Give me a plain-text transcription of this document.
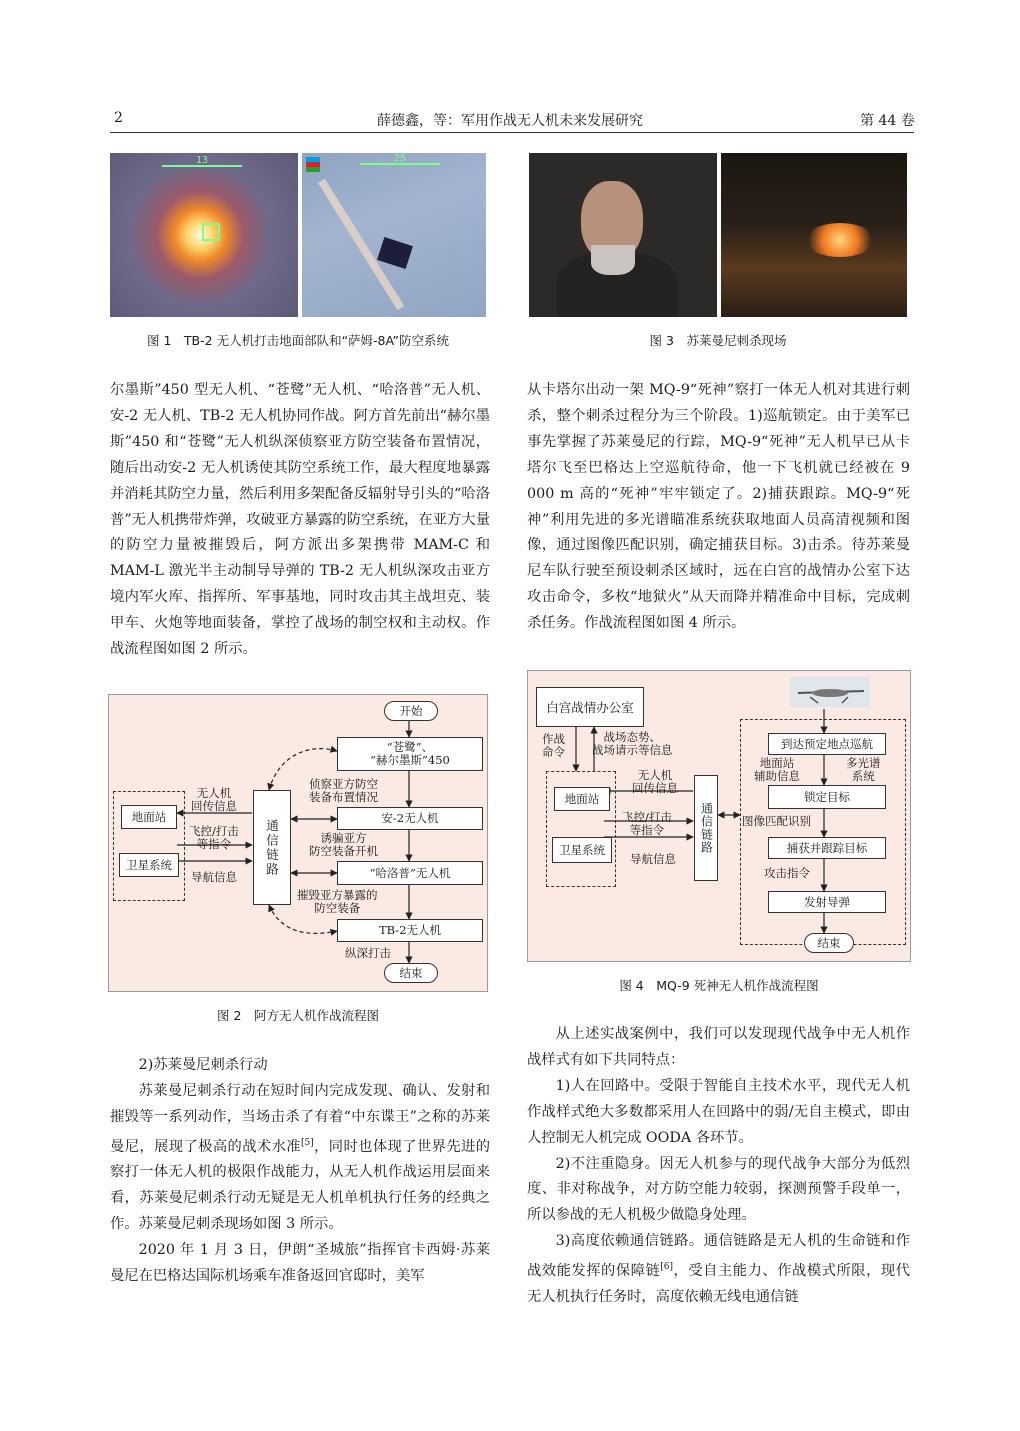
2	薛德鑫，等：军用作战无人机未来发展研究	第 44 卷
13	25
图 1　TB-2 无人机打击地面部队和“萨姆-8A”防空系统	图 3　苏莱曼尼刺杀现场

尔墨斯”450 型无人机、“苍鹭”无人机、“哈洛普”无人机、安-2 无人机、TB-2 无人机协同作战。阿方首先前出“赫尔墨斯”450 和“苍鹭”无人机纵深侦察亚方防空装备布置情况，随后出动安-2 无人机诱使其防空系统工作，最大程度地暴露并消耗其防空力量，然后利用多架配备反辐射导引头的“哈洛普”无人机携带炸弹，攻破亚方暴露的防空系统，在亚方大量的防空力量被摧毁后，阿方派出多架携带 MAM-C 和 MAM-L 激光半主动制导导弹的 TB-2 无人机纵深攻击亚方境内军火库、指挥所、军事基地，同时攻击其主战坦克、装甲车、火炮等地面装备，掌控了战场的制空权和主动权。作战流程图如图 2 所示。

开始
“苍鹭”、
“赫尔墨斯”450
侦察亚方防空
装备布置情况
安-2无人机
诱骗亚方
防空装备开机
“哈洛普”无人机
摧毁亚方暴露的
防空装备
TB-2无人机
纵深打击
结束
地面站
卫星系统
无人机
回传信息
飞控/打击
等指令
导航信息
通信链路
图 2　阿方无人机作战流程图

2)苏莱曼尼刺杀行动

苏莱曼尼刺杀行动在短时间内完成发现、确认、发射和摧毁等一系列动作，当场击杀了有着“中东谍王”之称的苏莱曼尼，展现了极高的战术水准[5]，同时也体现了世界先进的察打一体无人机的极限作战能力，从无人机作战运用层面来看，苏莱曼尼刺杀行动无疑是无人机单机执行任务的经典之作。苏莱曼尼刺杀现场如图 3 所示。

2020 年 1 月 3 日，伊朗“圣城旅”指挥官卡西姆·苏莱曼尼在巴格达国际机场乘车准备返回官邸时，美军

从卡塔尔出动一架 MQ-9“死神”察打一体无人机对其进行刺杀，整个刺杀过程分为三个阶段。1)巡航锁定。由于美军已事先掌握了苏莱曼尼的行踪，MQ-9“死神”无人机早已从卡塔尔飞至巴格达上空巡航待命，他一下飞机就已经被在 9 000 m 高的“死神”牢牢锁定了。2)捕获跟踪。MQ-9“死神”利用先进的多光谱瞄准系统获取地面人员高清视频和图像，通过图像匹配识别，确定捕获目标。3)击杀。待苏莱曼尼车队行驶至预设刺杀区域时，远在白宫的战情办公室下达攻击命令，多枚“地狱火”从天而降并精准命中目标，完成刺杀任务。作战流程图如图 4 所示。

白宫战情办公室
作战
命令
战场态势、
战场请示等信息
地面站
卫星系统
无人机
回传信息
飞控/打击
等指令
导航信息
通信链路
到达预定地点巡航
地面站
辅助信息
多光谱
系统
锁定目标
图像匹配识别
捕获并跟踪目标
攻击指令
发射导弹
结束
图 4　MQ-9 死神无人机作战流程图

从上述实战案例中，我们可以发现现代战争中无人机作战样式有如下共同特点：

1)人在回路中。受限于智能自主技术水平，现代无人机作战样式绝大多数都采用人在回路中的弱/无自主模式，即由人控制无人机完成 OODA 各环节。

2)不注重隐身。因无人机参与的现代战争大部分为低烈度、非对称战争，对方防空能力较弱，探测预警手段单一，所以参战的无人机极少做隐身处理。

3)高度依赖通信链路。通信链路是无人机的生命链和作战效能发挥的保障链[6]，受自主能力、作战模式所限，现代无人机执行任务时，高度依赖无线电通信链
